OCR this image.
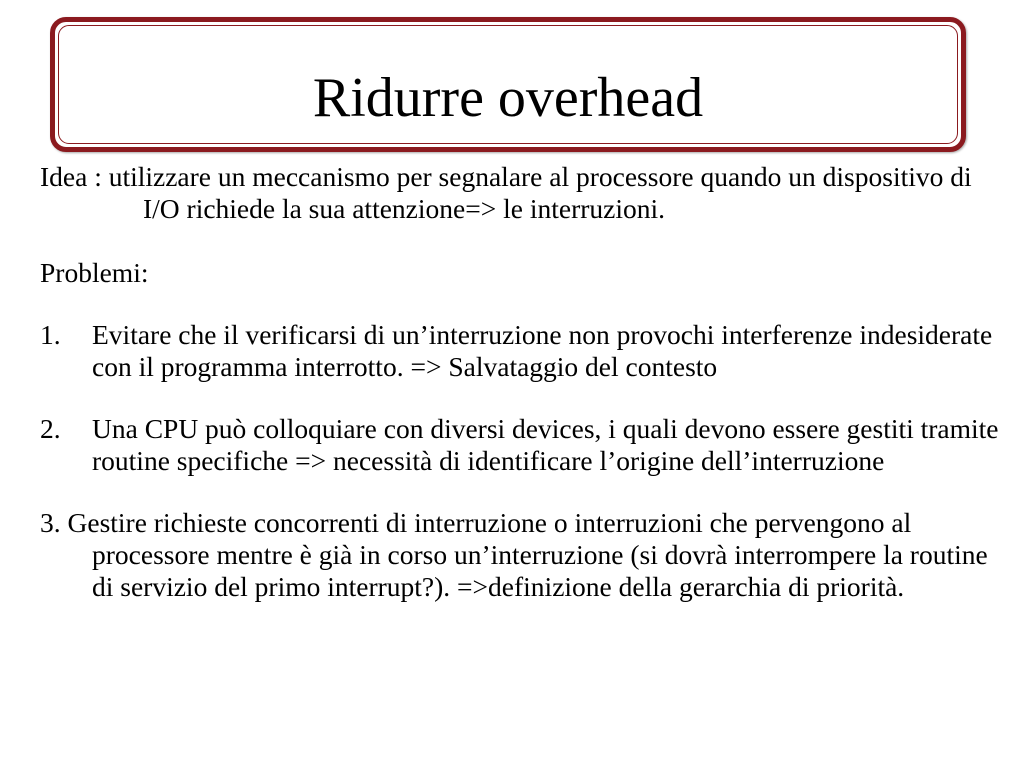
Ridurre overhead

Idea : utilizzare un meccanismo per segnalare al processore quando un dispositivo di I/O richiede la sua attenzione=> le interruzioni.

Problemi:

1.	Evitare che il verificarsi di un’interruzione non provochi interferenze indesiderate con il programma interrotto. => Salvataggio del contesto
2.	Una CPU può colloquiare con diversi devices, i quali devono essere gestiti tramite routine specifiche => necessità di identificare l’origine dell’interruzione

3. Gestire richieste concorrenti di interruzione o interruzioni che pervengono al processore mentre è già in corso un’interruzione (si dovrà interrompere la routine di servizio del primo interrupt?). =>definizione della gerarchia di priorità.
